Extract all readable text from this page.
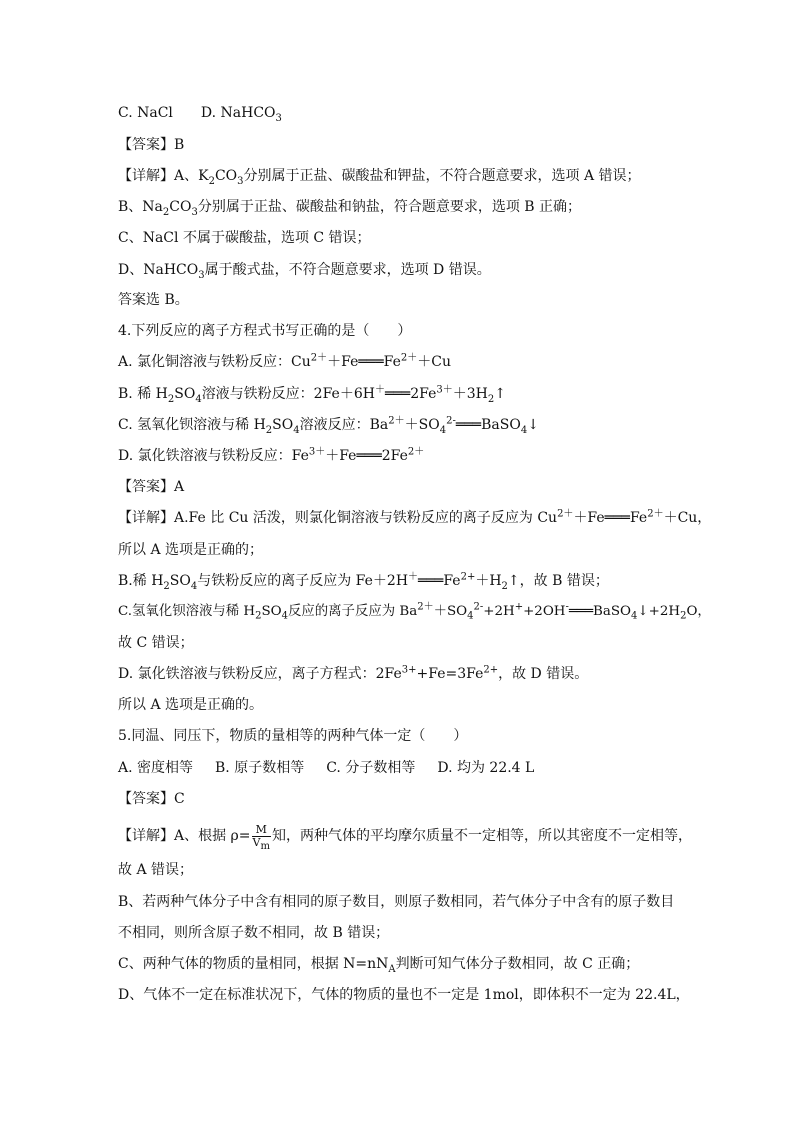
C. NaCl D. NaHCO$_3$
【答案】B
【详解】A、$K_2CO_3$分别属于正盐、碳酸盐和钾盐，不符合题意要求，选项 A 错误；
B、$Na_2CO_3$分别属于正盐、碳酸盐和钠盐，符合题意要求，选项 B 正确；
C、NaCl 不属于碳酸盐，选项 C 错误；
D、NaHCO$_3$属于酸式盐，不符合题意要求，选项 D 错误。
答案选 B。
4.下列反应的离子方程式书写正确的是（　　）
A. 氯化铜溶液与铁粉反应：$Cu^{2+}+Fe═══Fe^{2+}+Cu$
B. 稀 $H_2SO_4$溶液与铁粉反应：$2Fe+6H^+═══2Fe^{3+}+3H_2↑$
C. 氢氧化钡溶液与稀 $H_2SO_4$溶液反应：$Ba^{2+}+SO_4^{2-}═══BaSO_4↓$
D. 氯化铁溶液与铁粉反应：$Fe^{3+}+Fe═══2Fe^{2+}$
【答案】A
【详解】A.Fe 比 Cu 活泼，则氯化铜溶液与铁粉反应的离子反应为 $Cu^{2+}+Fe═══Fe^{2+}+Cu$，
所以 A 选项是正确的；
B.稀 $H_2SO_4$与铁粉反应的离子反应为 $Fe+2H^+═══Fe^{2+}+H_2↑$，故 B 错误；
C.氢氧化钡溶液与稀 $H_2SO_4$反应的离子反应为 $Ba^{2+}+SO_4^{2-}+2H^++2OH^-═══BaSO_4↓+2H_2O$，
故 C 错误；
D. 氯化铁溶液与铁粉反应，离子方程式：$2Fe^{3+}+Fe=3Fe^{2+}$，故 D 错误。
所以 A 选项是正确的。
5.同温、同压下，物质的量相等的两种气体一定（　　）
A. 密度相等 B. 原子数相等 C. 分子数相等 D. 均为 22.4 L
【答案】C
【详解】A、根据 $\rho= \frac{M}{V_m}$ 知，两种气体的平均摩尔质量不一定相等，所以其密度不一定相等，
故 A 错误；
B、若两种气体分子中含有相同的原子数目，则原子数相同，若气体分子中含有的原子数目
不相同，则所含原子数不相同，故 B 错误；
C、两种气体的物质的量相同，根据 $N=nN_A$判断可知气体分子数相同，故 C 正确；
D、气体不一定在标准状况下，气体的物质的量也不一定是 1mol，即体积不一定为 22.4L，
